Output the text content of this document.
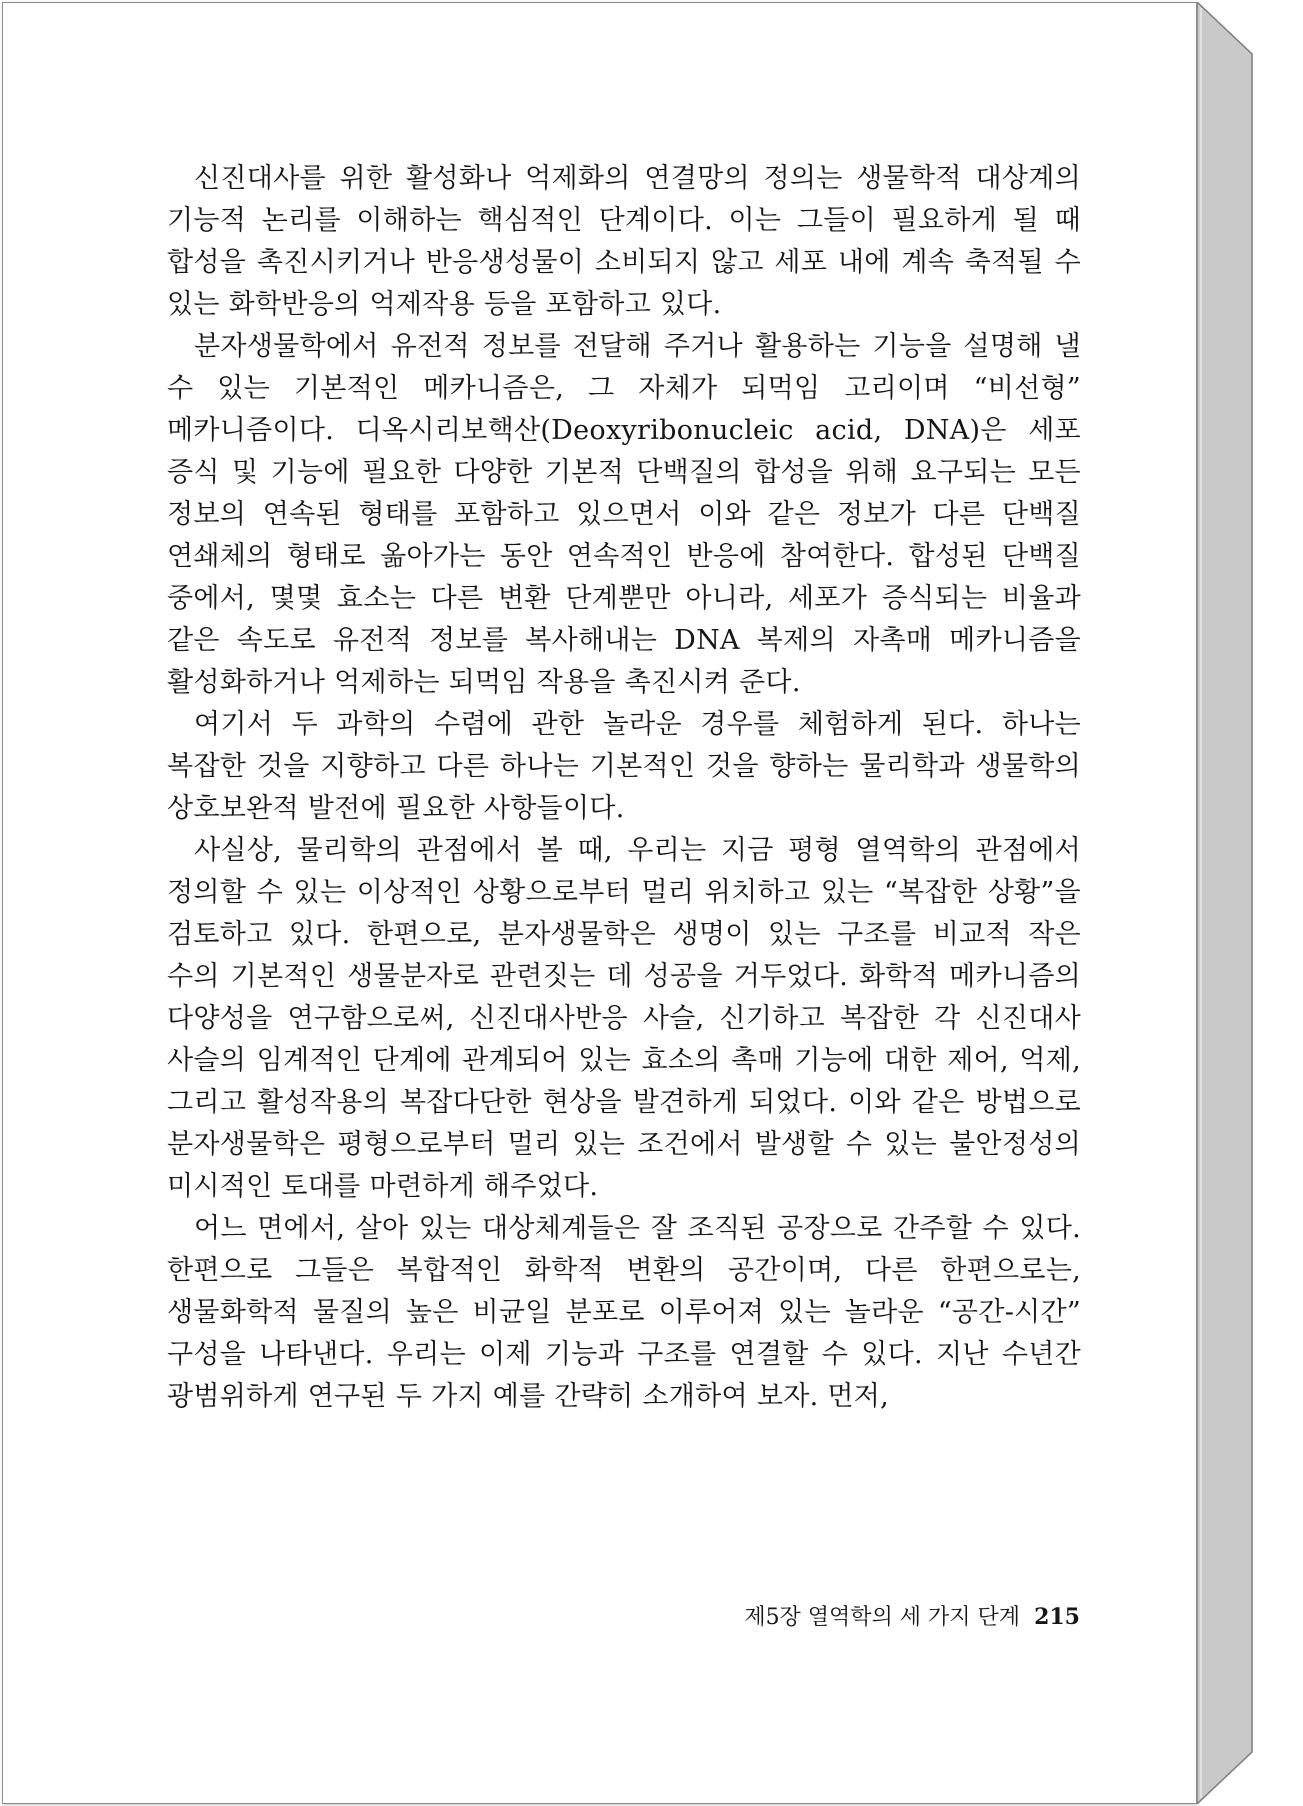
신진대사를 위한 활성화나 억제화의 연결망의 정의는 생물학적 대상계의 기능적 논리를 이해하는 핵심적인 단계이다. 이는 그들이 필요하게 될 때 합성을 촉진시키거나 반응생성물이 소비되지 않고 세포 내에 계속 축적될 수 있는 화학반응의 억제작용 등을 포함하고 있다.

분자생물학에서 유전적 정보를 전달해 주거나 활용하는 기능을 설명해 낼 수 있는 기본적인 메카니즘은, 그 자체가 되먹임 고리이며 “비선형” 메카니즘이다. 디옥시리보핵산(Deoxyribonucleic acid, DNA)은 세포 증식 및 기능에 필요한 다양한 기본적 단백질의 합성을 위해 요구되는 모든 정보의 연속된 형태를 포함하고 있으면서 이와 같은 정보가 다른 단백질 연쇄체의 형태로 옮아가는 동안 연속적인 반응에 참여한다. 합성된 단백질 중에서, 몇몇 효소는 다른 변환 단계뿐만 아니라, 세포가 증식되는 비율과 같은 속도로 유전적 정보를 복사해내는 DNA 복제의 자촉매 메카니즘을 활성화하거나 억제하는 되먹임 작용을 촉진시켜 준다.

여기서 두 과학의 수렴에 관한 놀라운 경우를 체험하게 된다. 하나는 복잡한 것을 지향하고 다른 하나는 기본적인 것을 향하는 물리학과 생물학의 상호보완적 발전에 필요한 사항들이다.

사실상, 물리학의 관점에서 볼 때, 우리는 지금 평형 열역학의 관점에서 정의할 수 있는 이상적인 상황으로부터 멀리 위치하고 있는 “복잡한 상황”을 검토하고 있다. 한편으로, 분자생물학은 생명이 있는 구조를 비교적 작은 수의 기본적인 생물분자로 관련짓는 데 성공을 거두었다. 화학적 메카니즘의 다양성을 연구함으로써, 신진대사반응 사슬, 신기하고 복잡한 각 신진대사 사슬의 임계적인 단계에 관계되어 있는 효소의 촉매 기능에 대한 제어, 억제, 그리고 활성작용의 복잡다단한 현상을 발견하게 되었다. 이와 같은 방법으로 분자생물학은 평형으로부터 멀리 있는 조건에서 발생할 수 있는 불안정성의 미시적인 토대를 마련하게 해주었다.

어느 면에서, 살아 있는 대상체계들은 잘 조직된 공장으로 간주할 수 있다. 한편으로 그들은 복합적인 화학적 변환의 공간이며, 다른 한편으로는, 생물화학적 물질의 높은 비균일 분포로 이루어져 있는 놀라운 “공간-시간” 구성을 나타낸다. 우리는 이제 기능과 구조를 연결할 수 있다. 지난 수년간 광범위하게 연구된 두 가지 예를 간략히 소개하여 보자. 먼저,

제5장 열역학의 세 가지 단계 215
